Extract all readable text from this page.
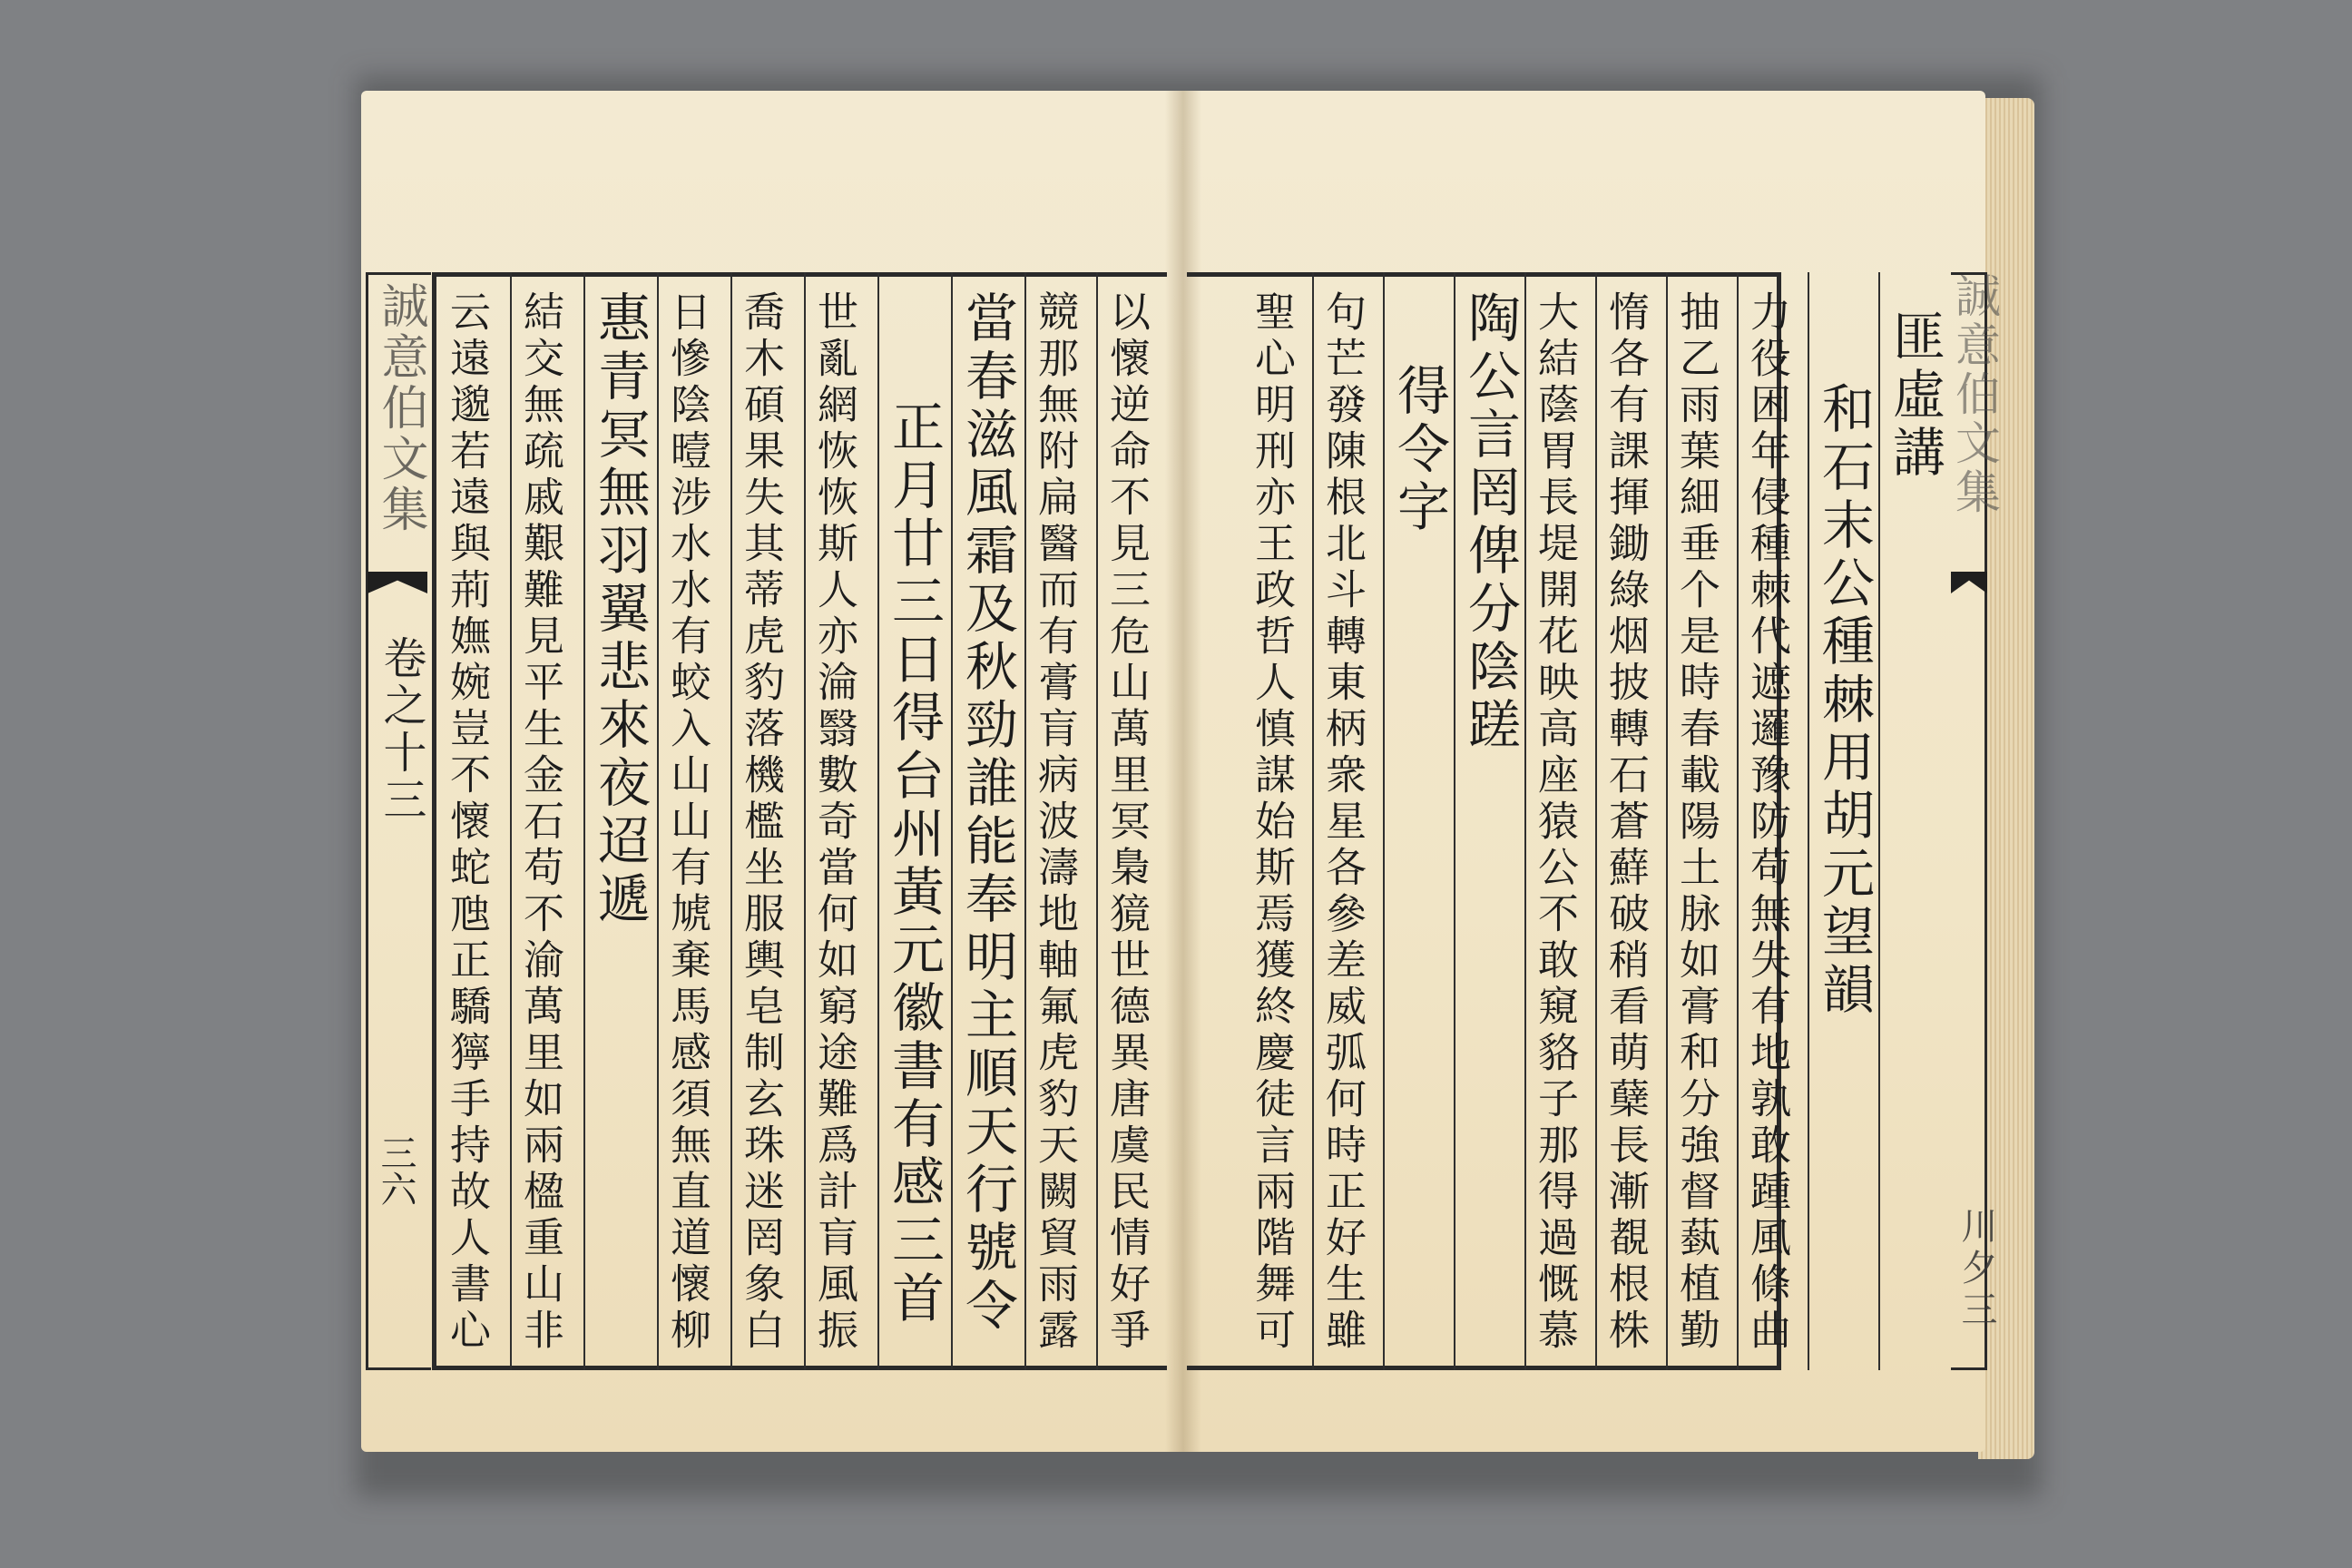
誠意伯文集
卷之十三
三六	以懷逆命不見三危山萬里冥梟獍世德異唐虞民情好爭
競那無附扁醫而有膏肓病波濤地軸氟虎豹天闕貿雨露
當春滋風霜及秋勁誰能奉明主順天行號令
正月廿三日得台州黃元徽書有感三首
世亂網恢恢斯人亦淪翳數奇當何如窮途難爲計肓風振
喬木碩果失其蒂虎豹落機檻坐服輿皂制玄珠迷罔象白
日慘陰曀涉水水有蛟入山山有虓棄馬感須無直道懷柳
惠青冥無羽翼悲來夜迢遞
結交無疏戚艱難見平生金石苟不渝萬里如兩楹重山非
云遠邈若遠與荊嫵婉豈不懷蛇虺正驕獰手持故人書心	誠意伯文集
川夕三
匪虛講
和石末公種棘用胡元望韻
力役困年侵種棘代遮邏豫防苟無失有地孰敢踵風條曲
抽乙雨葉細垂个是時春載陽土脉如膏和分強督蓺植勤
惰各有課揮鋤綠烟披轉石蒼蘚破稍看萌蘖長漸覩根株
大結蔭胃長堤開花映高座猿公不敢窺貉子那得過慨慕
陶公言罔俾分陰蹉
得令字
句芒發陳根北斗轉東柄衆星各參差威弧何時正好生雖
聖心明刑亦王政哲人慎謀始斯焉獲終慶徒言兩階舞可
